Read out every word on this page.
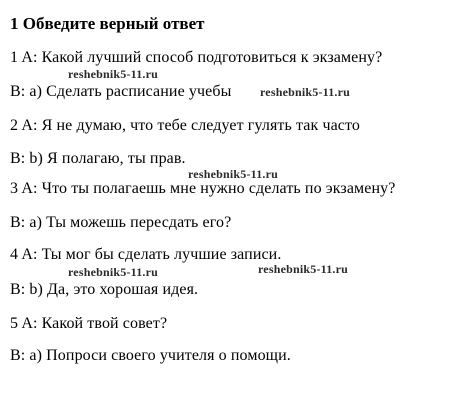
1 Обведите верный ответ
1 A: Какой лучший способ подготовиться к экзамену?
B: a) Сделать расписание учебы
2 A: Я не думаю, что тебе следует гулять так часто
B: b) Я полагаю, ты прав.
3 A: Что ты полагаешь мне нужно сделать по экзамену?
B: a) Ты можешь пересдать его?
4 A: Ты мог бы сделать лучшие записи.
B: b) Да, это хорошая идея.
5 A: Какой твой совет?
B: a) Попроси своего учителя о помощи.
reshebnik5-11.ru
reshebnik5-11.ru
reshebnik5-11.ru
reshebnik5-11.ru	reshebnik5-11.ru
